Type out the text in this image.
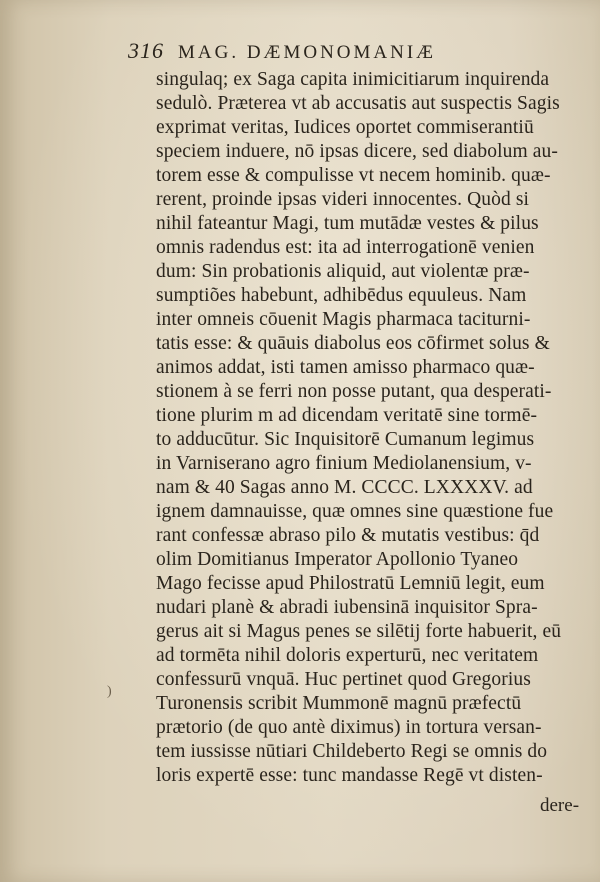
316 MAG. DÆMONOMANIÆ
)
singulaq; ex Saga capita inimicitiarum inquirenda
sedulò. Præterea vt ab accusatis aut suspectis Sagis
exprimat veritas, Iudices oportet commiserantiū
speciem induere, nō ipsas dicere, sed diabolum au-
torem esse & compulisse vt necem hominib. quæ-
rerent, proinde ipsas videri innocentes. Quòd si
nihil fateantur Magi, tum mutādæ vestes & pilus
omnis radendus est: ita ad interrogationē venien
dum: Sin probationis aliquid, aut violentæ præ-
sumptiões habebunt, adhibēdus equuleus. Nam
inter omneis cōuenit Magis pharmaca taciturni-
tatis esse: & quāuis diabolus eos cōfirmet solus &
animos addat, isti tamen amisso pharmaco quæ-
stionem à se ferri non posse putant, qua desperati-
tione plurim m ad dicendam veritatē sine tormē-
to adducūtur. Sic Inquisitorē Cumanum legimus
in Varniserano agro finium Mediolanensium, v-
nam & 40 Sagas anno M. CCCC. LXXXXV. ad
ignem damnauisse, quæ omnes sine quæstione fue
rant confessæ abraso pilo & mutatis vestibus: q̄d
olim Domitianus Imperator Apollonio Tyaneo
Mago fecisse apud Philostratū Lemniū legit, eum
nudari planè & abradi iubensinā inquisitor Spra-
gerus ait si Magus penes se silētij forte habuerit, eū
ad tormēta nihil doloris experturū, nec veritatem
confessurū vnquā. Huc pertinet quod Gregorius
Turonensis scribit Mummonē magnū præfectū
prætorio (de quo antè diximus) in tortura versan-
tem iussisse nūtiari Childeberto Regi se omnis do
loris expertē esse: tunc mandasse Regē vt disten-
dere-
